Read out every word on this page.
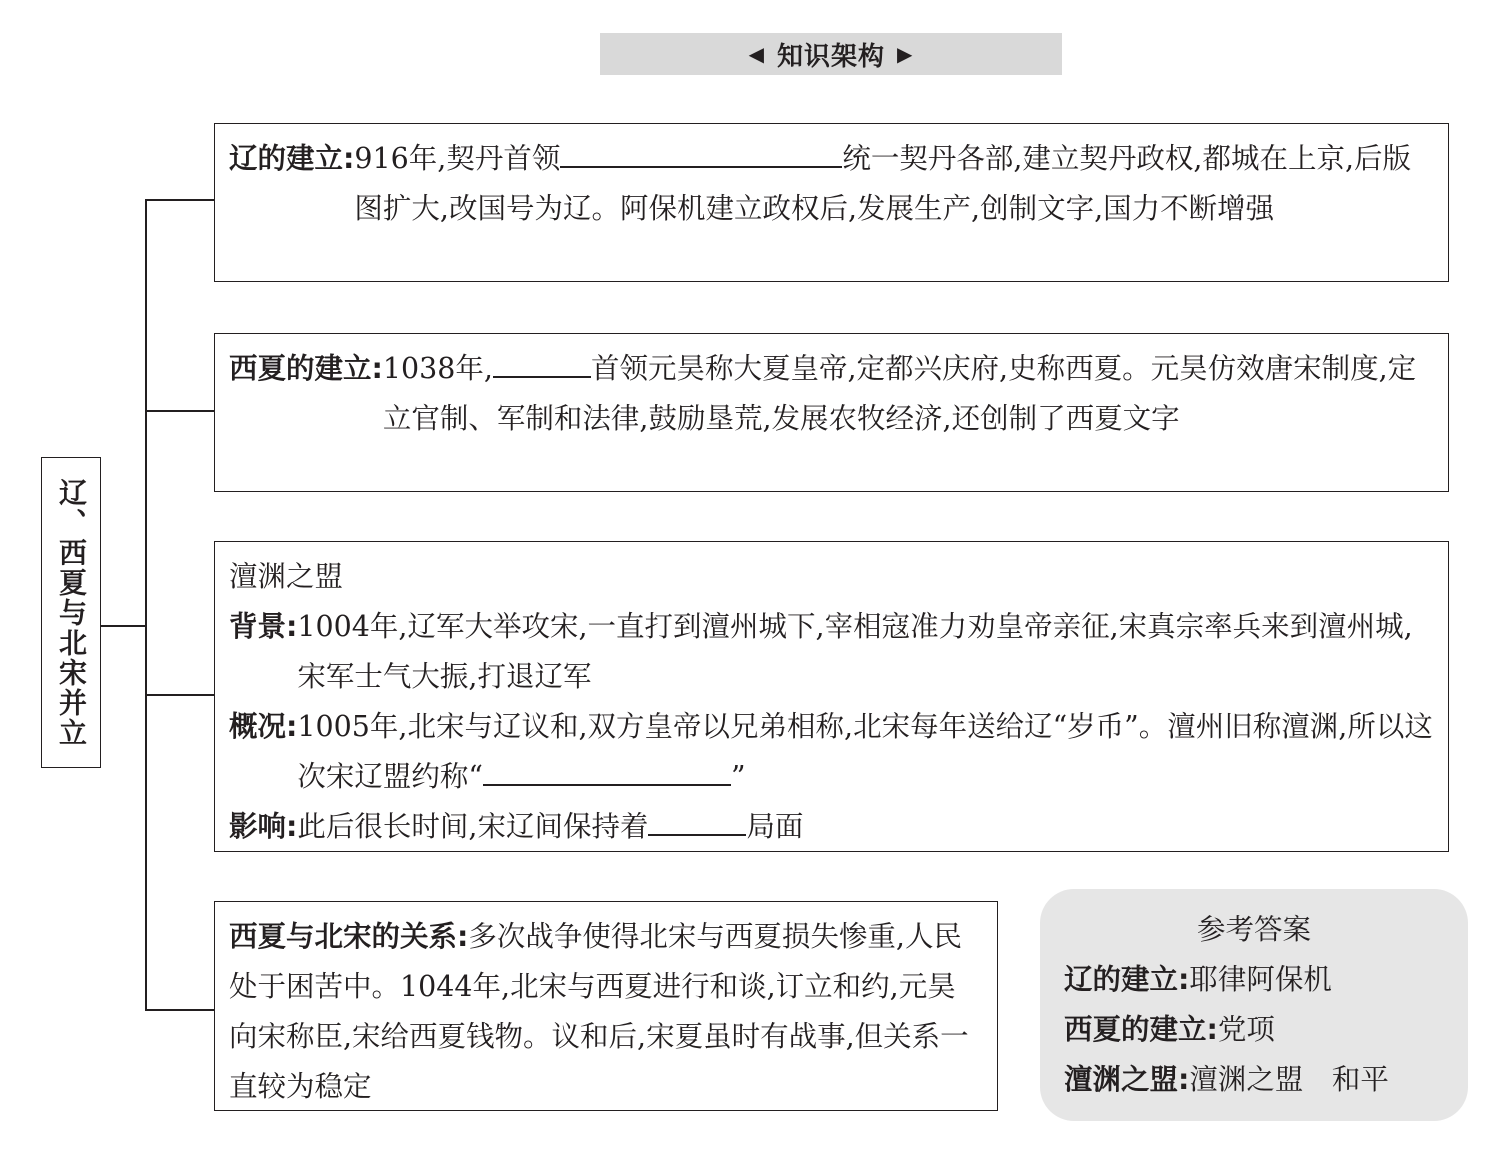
◀ 知识架构 ▶
辽、西夏与北宋并立
辽的建立: 916年,契丹首领	统一契丹各部,建立契丹政权,都城在上京,后版图扩大,改国号为辽。阿保机建立政权后,发展生产,创制文字,国力不断增强
西夏的建立: 1038年,	首领元昊称大夏皇帝,定都兴庆府,史称西夏。元昊仿效唐宋制度,定立官制、军制和法律,鼓励垦荒,发展农牧经济,还创制了西夏文字
澶渊之盟
背景: 1004年,辽军大举攻宋,一直打到澶州城下,宰相寇准力劝皇帝亲征,宋真宗率兵来到澶州城,宋军士气大振,打退辽军
概况: 1005年,北宋与辽议和,双方皇帝以兄弟相称,北宋每年送给辽“岁币”。澶州旧称澶渊,所以这次宋辽盟约称“	”
影响: 此后很长时间,宋辽间保持着	局面
西夏与北宋的关系:多次战争使得北宋与西夏损失惨重,人民处于困苦中。1044年,北宋与西夏进行和谈,订立和约,元昊向宋称臣,宋给西夏钱物。议和后,宋夏虽时有战事,但关系一直较为稳定
参考答案
辽的建立: 耶律阿保机
西夏的建立: 党项
澶渊之盟: 澶渊之盟　和平
